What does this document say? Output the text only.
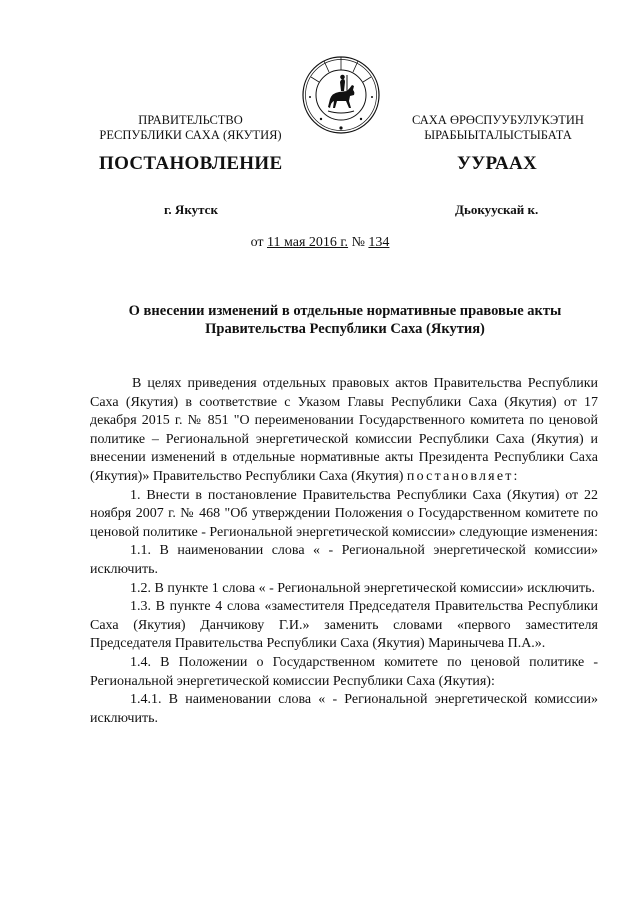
ПРАВИТЕЛЬСТВО
РЕСПУБЛИКИ САХА (ЯКУТИЯ)
САХА ӨРӨСПУУБУЛУКЭТИН
ЫРАБЫЫТАЛЫСТЫБАТА
ПОСТАНОВЛЕНИЕ	УУРААХ
г. Якутск	Дьокуускай к.
от 11 мая 2016 г. № 134
О внесении изменений в отдельные нормативные правовые акты
Правительства Республики Саха (Якутия)

В целях приведения отдельных правовых актов Правительства Республики Саха (Якутия) в соответствие с Указом Главы Республики Саха (Якутия) от 17 декабря 2015 г. № 851 "О переименовании Государственного комитета по ценовой политике – Региональной энергетической комиссии Республики Саха (Якутия) и внесении изменений в отдельные нормативные акты Президента Республики Саха (Якутия)» Правительство Республики Саха (Якутия) постановляет:

1. Внести в постановление Правительства Республики Саха (Якутия) от 22 ноября 2007 г. № 468 "Об утверждении Положения о Государственном комитете по ценовой политике - Региональной энергетической комиссии» следующие изменения:

1.1. В наименовании слова « - Региональной энергетической комиссии» исключить.

1.2. В пункте 1 слова « - Региональной энергетической комиссии» исключить.

1.3. В пункте 4 слова «заместителя Председателя Правительства Республики Саха (Якутия) Данчикову Г.И.» заменить словами «первого заместителя Председателя Правительства Республики Саха (Якутия) Маринычева П.А.».

1.4. В Положении о Государственном комитете по ценовой политике - Региональной энергетической комиссии Республики Саха (Якутия):

1.4.1. В наименовании слова « - Региональной энергетической комиссии» исключить.
